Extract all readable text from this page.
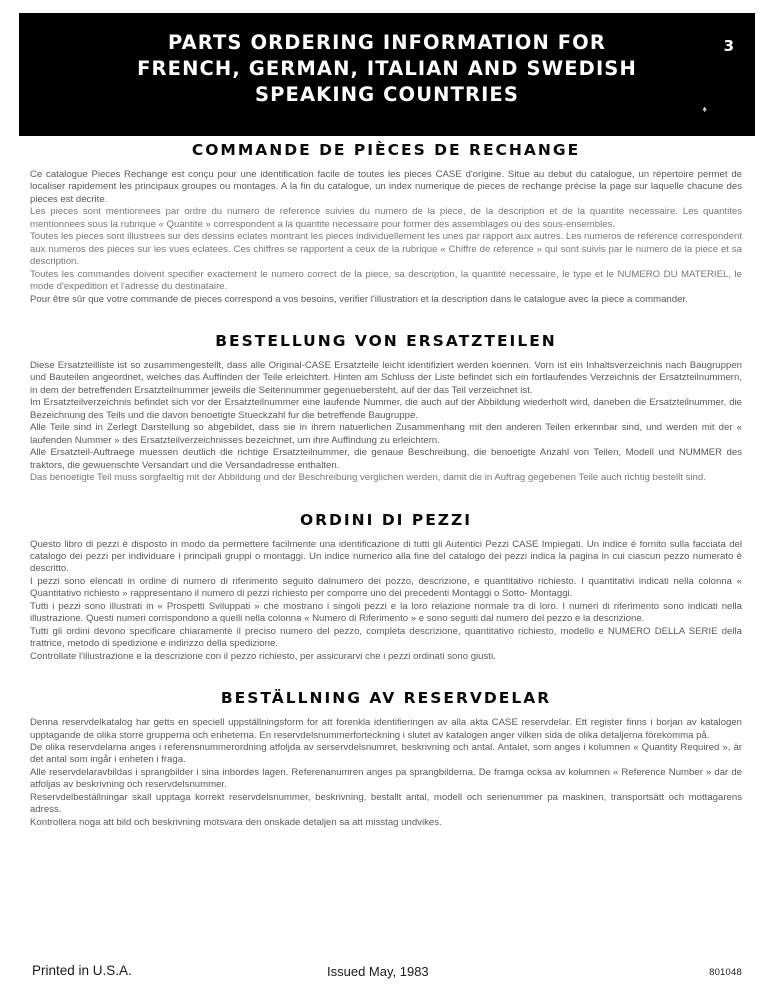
PARTS ORDERING INFORMATION FOR
FRENCH, GERMAN, ITALIAN AND SWEDISH
SPEAKING COUNTRIES
3
♦
COMMANDE DE PIÈCES DE RECHANGE

Ce catalogue Pieces Rechange est conçu pour une identification facile de toutes les pieces CASE d'origine. Situe au debut du catalogue, un répertoire permet de localiser rapidement les principaux groupes ou montages. A la fin du catalogue, un index numerique de pieces de rechange précise la page sur laquelle chacune des pieces est décrite.

Les pieces sont mentionnees par ordre du numero de reference suivies du numero de la piece, de la description et de la quantite necessaire. Les quantites mentionnees sous la rubrique « Quantite » correspondent a la quantite necessaire pour former des assemblages ou des sous-ensembles.

Toutes les pieces sont illustrees sur des dessins eclates montrant les pieces individuellement les unes par rapport aux autres. Les numeros de reference correspondent aux numeros des pieces sur les vues eclatees. Ces chiffres se rapportent a ceux de la rubrique « Chiffre de reference » qui sont suivis par le numero de la piece et sa description.

Toutes les commandes doivent specifier exactement le numero correct de la piece, sa description, la quantité necessaire, le type et le NUMERO DU MATERIEL, le mode d'expedition et l'adresse du destinataire.

Pour être sûr que votre commande de pieces correspond a vos besoins, verifier l'illustration et la description dans le catalogue avec la piece a commander.

BESTELLUNG VON ERSATZTEILEN

Diese Ersatzteilliste ist so zusammengestellt, dass alle Original-CASE Ersatzteile leicht identifiziert werden koennen. Vorn ist ein Inhaltsverzeichnis nach Baugruppen und Bauteilen angeordnet, welches das Auffinden der Teile erleichtert. Hinten am Schluss der Liste befindet sich ein fortlaufendes Verzeichnis der Ersatzteilnummern, in dem der betreffenden Ersatzteilnummer jeweils die Seitennummer gegenuebersteht, auf der das Teil verzeichnet ist.

Im Ersatzteilverzeichnis befindet sich vor der Ersatzteilnummer eine laufende Nummer, die auch auf der Abbildung wiederholt wird, daneben die Ersatzteilnummer, die Bezeichnung des Teils und die davon benoetigte Stueckzahl fur die betreffende Baugruppe.

Alle Teile sind in Zerlegt Darstellung so abgebildet, dass sie in ihrem natuerlichen Zusammenhang mit den anderen Teilen erkennbar sind, und werden mit der « laufenden Nummer » des Ersatzteilverzeichnisses bezeichnet, um ihre Auffindung zu erleichtern.

Alle Ersatzteil-Auftraege muessen deutlich die richtige Ersatzteilnummer, die genaue Beschreibung, die benoetigte Anzahl von Teilen, Modell und NUMMER des traktors, die gewuenschte Versandart und die Versandadresse enthalten.

Das benoetigte Teil muss sorgfaeltig mit der Abbildung und der Beschreibung verglichen werden, damit die in Auftrag gegebenen Teile auch richtig bestellt sind.

ORDINI DI PEZZI

Questo libro di pezzi è disposto in modo da permettere facilmente una identificazione di tutti gli Autentici Pezzi CASE Impiegati. Un indice è fornito sulla facciata del catalogo dei pezzi per individuare i principali gruppi o montaggi. Un indice numerico alla fine del catalogo dei pezzi indica la pagina in cui ciascun pezzo numerato è descritto.

I pezzi sono elencati in ordine di numero di riferimento seguito dalnumero dei pozzo, descrizione, e quantitativo richiesto. I quantitativi indicati nella colonna « Quantitativo richiesto » rappresentano il numero di pezzi richiesto per comporre uno dei precedenti Montaggi o Sotto- Montaggi.

Tutti i pezzi sono illustrati in « Prospetti Sviluppati » che mostrano i singoli pezzi e la loro relazione normale tra di loro. I numeri di riferimento sono indicati nella illustrazione. Questi numeri corrispondono a quelli nella colonna « Numero di Riferimento » e sono seguiti dal numero del pezzo e la descrizione.

Tutti gli ordini devono specificare chiaramente il preciso numero del pezzo, completa descrizione, quantitativo richiesto, modello e NUMERO DELLA SERIE della trattrice, metodo di spedizione e indirizzo della spedizione.

Controllate l'illustrazione e la descrizione con il pezzo richiesto, per assicurarvi che i pezzi ordinati sono giusti.

BESTÄLLNING AV RESERVDELAR

Denna reservdelkatalog har getts en speciell uppställningsform for att forenkla identifieringen av alla akta CASE reservdelar. Ett register finns i borjan av katalogen upptagande de olika storre grupperna och enheterna. En reservdelsnummerforteckning i slutet av katalogen anger vilken sida de olika detaljerna förekomma på.

De olika reservdelarna anges i referensnummerordning atfoljda av serservdelsnumret, beskrivning och antal. Antalet, som anges i kolumnen « Quantity Required », är det antal som ingår i enheten i fraga.

Alle reservdelaravbildas i sprangbilder i sina inbordes lagen. Referenanumren anges pa sprangbilderna. De framga ocksa av kolumnen « Reference Number » dar de atfoljas av beskrivning och reservdelsnummer.

Reservdelbeställningar skall upptaga korrekt reservdelsnummer, beskrivning, bestallt antal, modell och serienummer pa maskinen, transportsätt och mottagarens adress.

Kontrollera noga att bild och beskrivning motsvara den onskade detaljen sa att misstag undvikes.

Printed in U.S.A.	Issued May, 1983	801048
